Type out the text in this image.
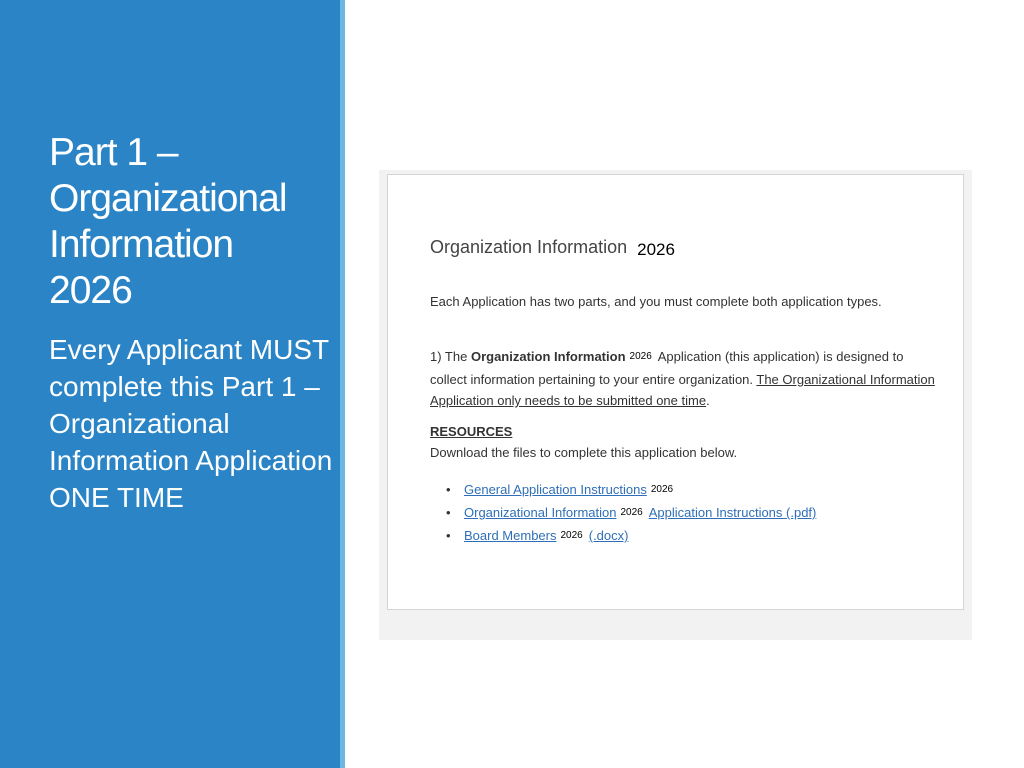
Part 1 –
Organizational
Information
2026

Every Applicant MUST complete this Part 1 – Organizational Information Application ONE TIME

Organization Information 2026

Each Application has two parts, and you must complete both application types.

1) The Organization Information 2026 Application (this application) is designed to collect information pertaining to your entire organization. The Organizational Information Application only needs to be submitted one time.

RESOURCES
Download the files to complete this application below.
• General Application Instructions 2026
• Organizational Information 2026 Application Instructions (.pdf)
• Board Members 2026 (.docx)
